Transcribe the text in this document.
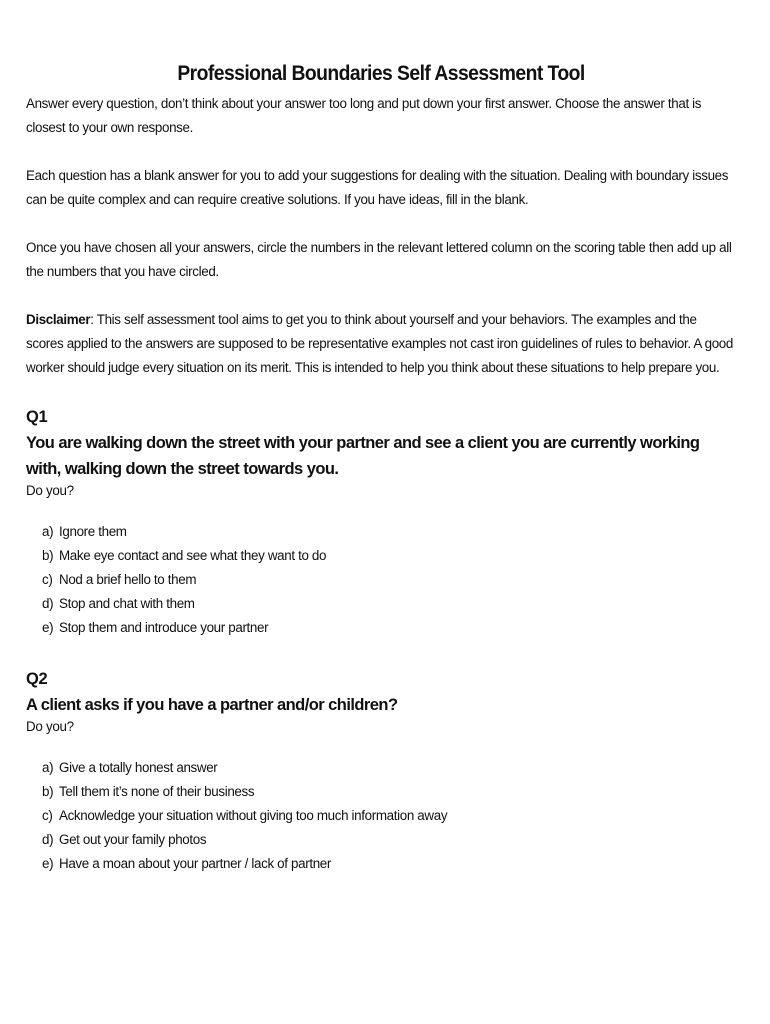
Professional Boundaries Self Assessment Tool

Answer every question, don’t think about your answer too long and put down your first answer. Choose the answer that is closest to your own response.

Each question has a blank answer for you to add your suggestions for dealing with the situation. Dealing with boundary issues can be quite complex and can require creative solutions. If you have ideas, fill in the blank.

Once you have chosen all your answers, circle the numbers in the relevant lettered column on the scoring table then add up all the numbers that you have circled.

Disclaimer: This self assessment tool aims to get you to think about yourself and your behaviors. The examples and the scores applied to the answers are supposed to be representative examples not cast iron guidelines of rules to behavior. A good worker should judge every situation on its merit. This is intended to help you think about these situations to help prepare you.

Q1

You are walking down the street with your partner and see a client you are currently working with, walking down the street towards you.

Do you?

a) Ignore them
b) Make eye contact and see what they want to do
c) Nod a brief hello to them
d) Stop and chat with them
e) Stop them and introduce your partner

Q2

A client asks if you have a partner and/or children?

Do you?

a) Give a totally honest answer
b) Tell them it’s none of their business
c) Acknowledge your situation without giving too much information away
d) Get out your family photos
e) Have a moan about your partner / lack of partner
